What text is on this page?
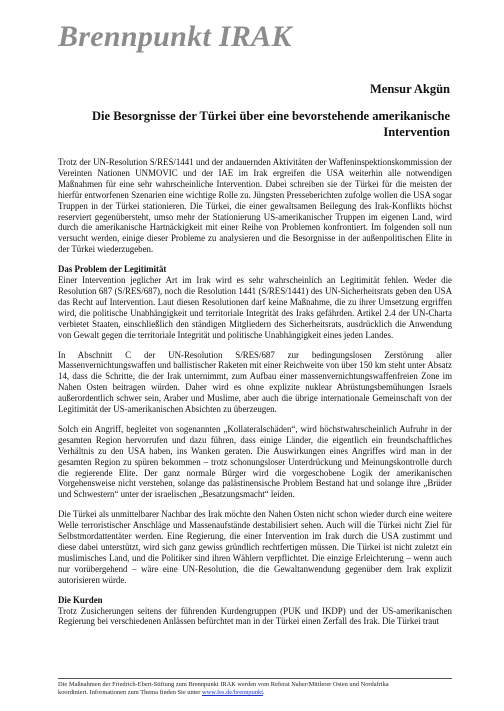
Brennpunkt IRAK
Mensur Akgün
Die Besorgnisse der Türkei über eine bevorstehende amerikanische
Intervention

Trotz der UN-Resolution S/RES/1441 und der andauernden Aktivitäten der Waffeninspektionskommission der Vereinten Nationen UNMOVIC und der IAE im Irak ergreifen die USA weiterhin alle notwendigen Maßnahmen für eine sehr wahrscheinliche Intervention. Dabei schreiben sie der Türkei für die meisten der hierfür entworfenen Szenarien eine wichtige Rolle zu. Jüngsten Presseberichten zufolge wollen die USA sogar Truppen in der Türkei stationieren. Die Türkei, die einer gewaltsamen Beilegung des Irak-Konflikts höchst reserviert gegenübersteht, umso mehr der Stationierung US-amerikanischer Truppen im eigenen Land, wird durch die amerikanische Hartnäckigkeit mit einer Reihe von Problemen konfrontiert. Im folgenden soll nun versucht werden, einige dieser Probleme zu analysieren und die Besorgnisse in der außenpolitischen Elite in der Türkei wiederzugeben.

Das Problem der Legitimität

Einer Intervention jeglicher Art im Irak wird es sehr wahrscheinlich an Legitimität fehlen. Weder die Resolution 687 (S/RES/687), noch die Resolution 1441 (S/RES/1441) des UN-Sicherheitsrats geben den USA das Recht auf Intervention. Laut diesen Resolutionen darf keine Maßnahme, die zu ihrer Umsetzung ergriffen wird, die politische Unabhängigkeit und territoriale Integrität des Iraks gefährden. Artikel 2.4 der UN-Charta verbietet Staaten, einschließlich den ständigen Mitgliedern des Sicherheitsrats, ausdrücklich die Anwendung von Gewalt gegen die territoriale Integrität und politische Unabhängigkeit eines jeden Landes.

In Abschnitt C der UN-Resolution S/RES/687 zur bedingungslosen Zerstörung aller Massenvernichtungswaffen und ballistischer Raketen mit einer Reichweite von über 150 km steht unter Absatz 14, dass die Schritte, die der Irak unternimmt, zum Aufbau einer massenvernichtungswaffenfreien Zone im Nahen Osten beitragen würden. Daher wird es ohne explizite nuklear Abrüstungsbemühungen Israels außerordentlich schwer sein, Araber und Muslime, aber auch die übrige internationale Gemeinschaft von der Legitimität der US-amerikanischen Absichten zu überzeugen.

Solch ein Angriff, begleitet von sogenannten „Kollateralschäden“, wird höchstwahrscheinlich Aufruhr in der gesamten Region hervorrufen und dazu führen, dass einige Länder, die eigentlich ein freundschaftliches Verhältnis zu den USA haben, ins Wanken geraten. Die Auswirkungen eines Angriffes wird man in der gesamten Region zu spüren bekommen – trotz schonungsloser Unterdrückung und Meinungskontrolle durch die regierende Elite. Der ganz normale Bürger wird die vorgeschobene Logik der amerikanischen Vorgehensweise nicht verstehen, solange das palästinensische Problem Bestand hat und solange ihre „Brüder und Schwestern“ unter der israelischen „Besatzungsmacht“ leiden.

Die Türkei als unmittelbarer Nachbar des Irak möchte den Nahen Osten nicht schon wieder durch eine weitere Welle terroristischer Anschläge und Massenaufstände destabilisiert sehen. Auch will die Türkei nicht Ziel für Selbstmordattentäter werden. Eine Regierung, die einer Intervention im Irak durch die USA zustimmt und diese dabei unterstützt, wird sich ganz gewiss gründlich rechtfertigen müssen. Die Türkei ist nicht zuletzt ein muslimisches Land, und die Politiker sind ihren Wählern verpflichtet. Die einzige Erleichterung – wenn auch nur vorübergehend – wäre eine UN-Resolution, die die Gewaltanwendung gegenüber dem Irak explizit autorisieren würde.

Die Kurden

Trotz Zusicherungen seitens der führenden Kurdengruppen (PUK und IKDP) und der US-amerikanischen Regierung bei verschiedenen Anlässen befürchtet man in der Türkei einen Zerfall des Irak. Die Türkei traut

Die Maßnahmen der Friedrich-Ebert-Stiftung zum Brennpunkt IRAK werden vom Referat Naher/Mittlerer Osten und Nordafrika
koordiniert. Informationen zum Thema finden Sie unter www.fes.de/brennpunkt.
